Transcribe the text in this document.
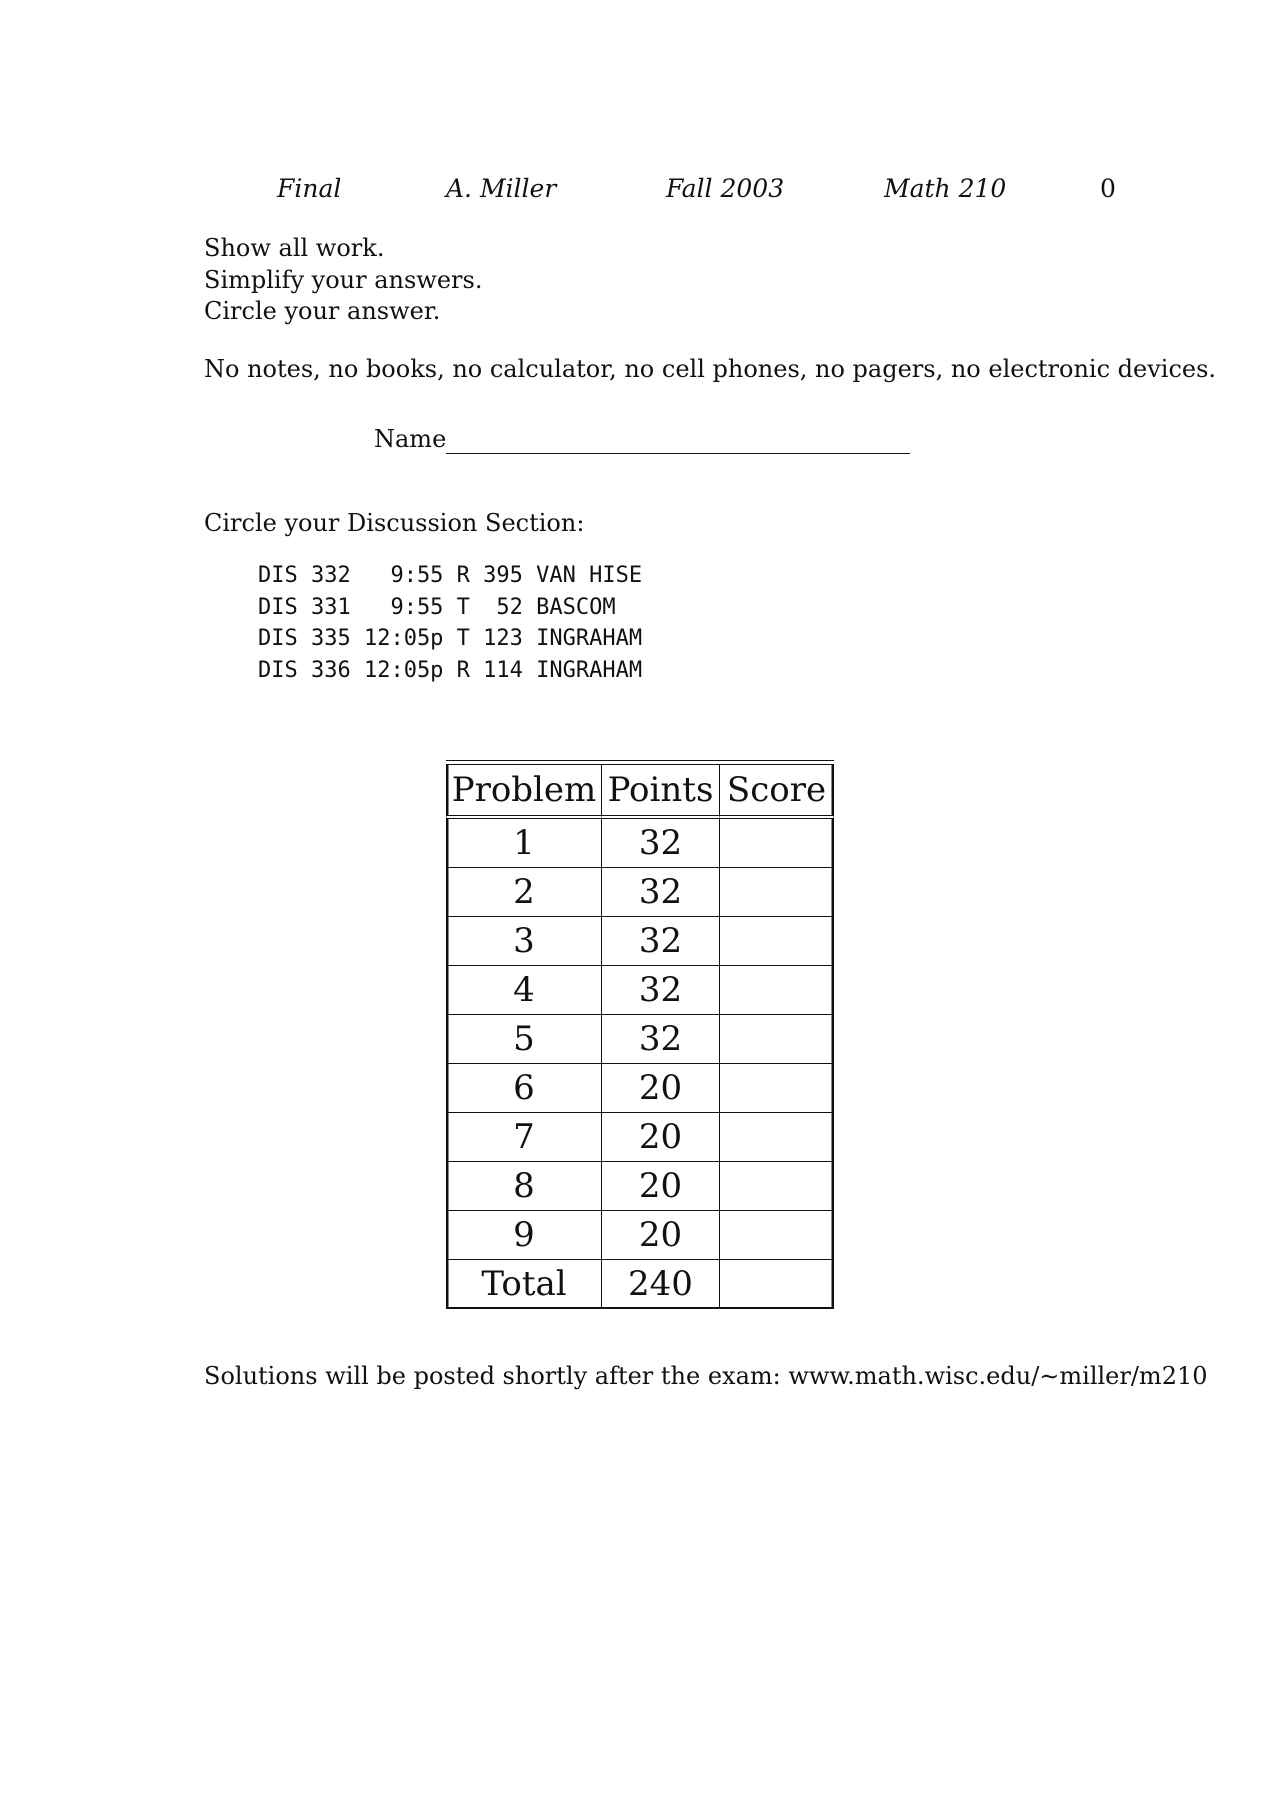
Final	A. Miller	Fall 2003	Math 210	0
Show all work.
Simplify your answers.
Circle your answer.
No notes, no books, no calculator, no cell phones, no pagers, no electronic devices.
Name
Circle your Discussion Section:
DIS 332   9:55 R 395 VAN HISE
DIS 331   9:55 T  52 BASCOM
DIS 335 12:05p T 123 INGRAHAM
DIS 336 12:05p R 114 INGRAHAM
Problem	Points	Score
1	32	
2	32	
3	32	
4	32	
5	32	
6	20	
7	20	
8	20	
9	20	
Total	240	
Solutions will be posted shortly after the exam: www.math.wisc.edu/∼miller/m210
